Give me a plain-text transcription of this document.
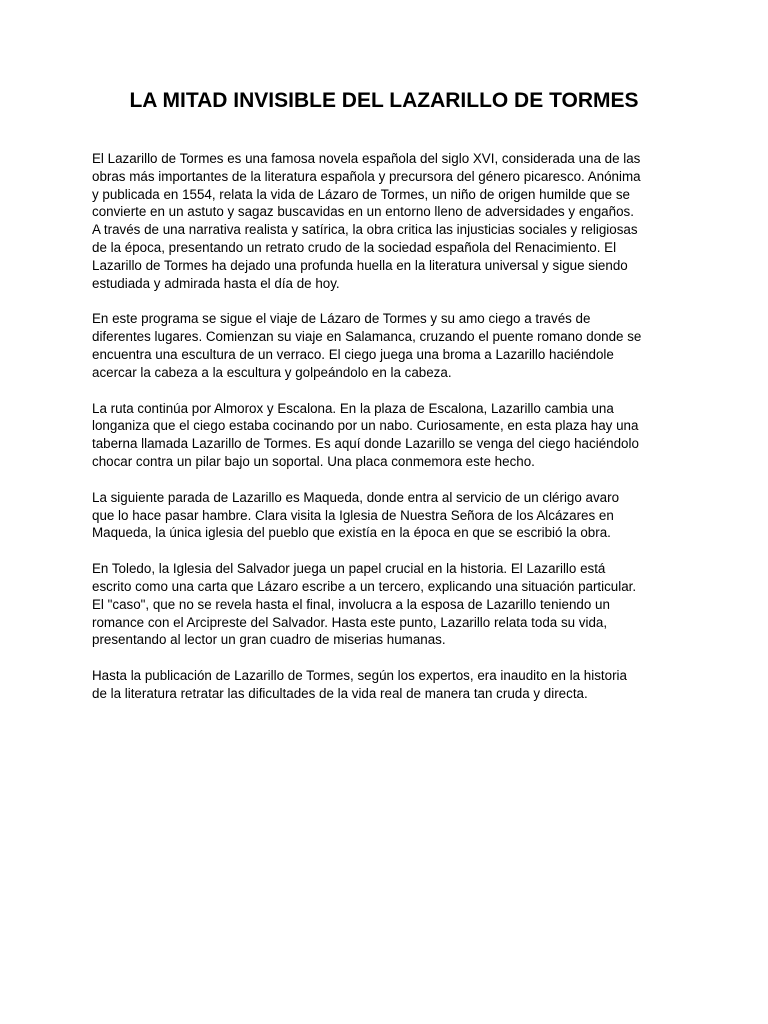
LA MITAD INVISIBLE DEL LAZARILLO DE TORMES

El Lazarillo de Tormes es una famosa novela española del siglo XVI, considerada una de las
obras más importantes de la literatura española y precursora del género picaresco. Anónima
y publicada en 1554, relata la vida de Lázaro de Tormes, un niño de origen humilde que se
convierte en un astuto y sagaz buscavidas en un entorno lleno de adversidades y engaños.
A través de una narrativa realista y satírica, la obra critica las injusticias sociales y religiosas
de la época, presentando un retrato crudo de la sociedad española del Renacimiento. El
Lazarillo de Tormes ha dejado una profunda huella en la literatura universal y sigue siendo
estudiada y admirada hasta el día de hoy.

En este programa se sigue el viaje de Lázaro de Tormes y su amo ciego a través de
diferentes lugares. Comienzan su viaje en Salamanca, cruzando el puente romano donde se
encuentra una escultura de un verraco. El ciego juega una broma a Lazarillo haciéndole
acercar la cabeza a la escultura y golpeándolo en la cabeza.

La ruta continúa por Almorox y Escalona. En la plaza de Escalona, Lazarillo cambia una
longaniza que el ciego estaba cocinando por un nabo. Curiosamente, en esta plaza hay una
taberna llamada Lazarillo de Tormes. Es aquí donde Lazarillo se venga del ciego haciéndolo
chocar contra un pilar bajo un soportal. Una placa conmemora este hecho.

La siguiente parada de Lazarillo es Maqueda, donde entra al servicio de un clérigo avaro
que lo hace pasar hambre. Clara visita la Iglesia de Nuestra Señora de los Alcázares en
Maqueda, la única iglesia del pueblo que existía en la época en que se escribió la obra.

En Toledo, la Iglesia del Salvador juega un papel crucial en la historia. El Lazarillo está
escrito como una carta que Lázaro escribe a un tercero, explicando una situación particular.
El "caso", que no se revela hasta el final, involucra a la esposa de Lazarillo teniendo un
romance con el Arcipreste del Salvador. Hasta este punto, Lazarillo relata toda su vida,
presentando al lector un gran cuadro de miserias humanas.

Hasta la publicación de Lazarillo de Tormes, según los expertos, era inaudito en la historia
de la literatura retratar las dificultades de la vida real de manera tan cruda y directa.
